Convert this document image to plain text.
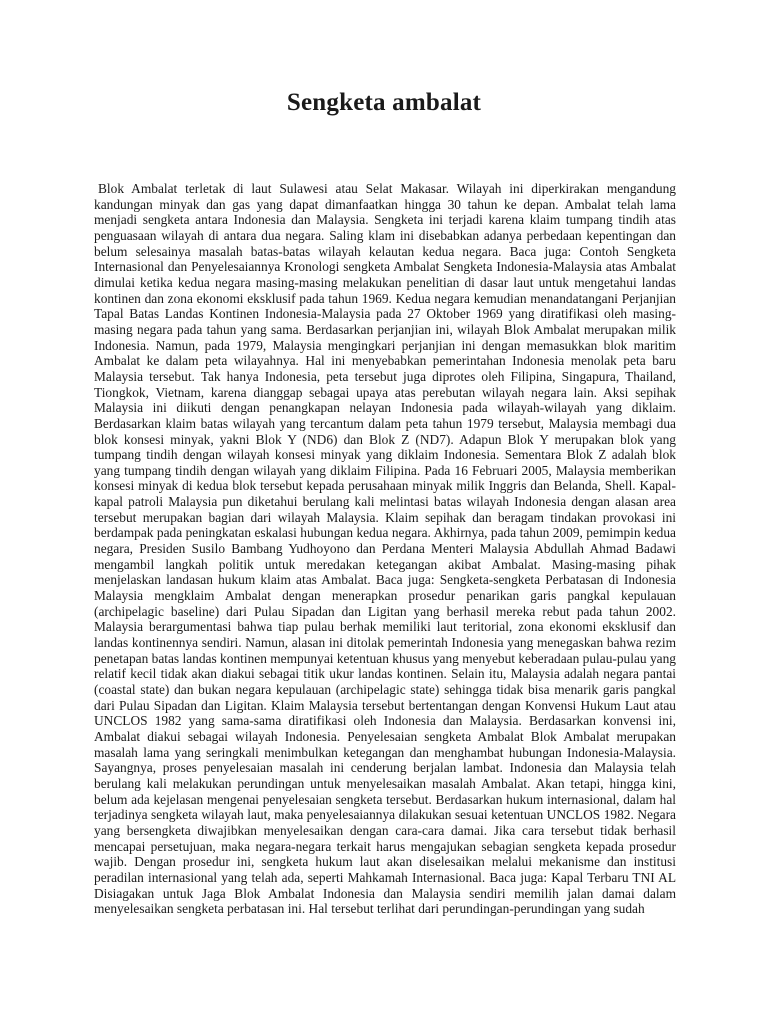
Sengketa ambalat

Blok Ambalat terletak di laut Sulawesi atau Selat Makasar. Wilayah ini diperkirakan mengandung kandungan minyak dan gas yang dapat dimanfaatkan hingga 30 tahun ke depan. Ambalat telah lama menjadi sengketa antara Indonesia dan Malaysia. Sengketa ini terjadi karena klaim tumpang tindih atas penguasaan wilayah di antara dua negara. Saling klam ini disebabkan adanya perbedaan kepentingan dan belum selesainya masalah batas-batas wilayah kelautan kedua negara. Baca juga: Contoh Sengketa Internasional dan Penyelesaiannya Kronologi sengketa Ambalat Sengketa Indonesia-Malaysia atas Ambalat dimulai ketika kedua negara masing-masing melakukan penelitian di dasar laut untuk mengetahui landas kontinen dan zona ekonomi eksklusif pada tahun 1969. Kedua negara kemudian menandatangani Perjanjian Tapal Batas Landas Kontinen Indonesia-Malaysia pada 27 Oktober 1969 yang diratifikasi oleh masing-masing negara pada tahun yang sama. Berdasarkan perjanjian ini, wilayah Blok Ambalat merupakan milik Indonesia. Namun, pada 1979, Malaysia mengingkari perjanjian ini dengan memasukkan blok maritim Ambalat ke dalam peta wilayahnya. Hal ini menyebabkan pemerintahan Indonesia menolak peta baru Malaysia tersebut. Tak hanya Indonesia, peta tersebut juga diprotes oleh Filipina, Singapura, Thailand, Tiongkok, Vietnam, karena dianggap sebagai upaya atas perebutan wilayah negara lain. Aksi sepihak Malaysia ini diikuti dengan penangkapan nelayan Indonesia pada wilayah-wilayah yang diklaim. Berdasarkan klaim batas wilayah yang tercantum dalam peta tahun 1979 tersebut, Malaysia membagi dua blok konsesi minyak, yakni Blok Y (ND6) dan Blok Z (ND7). Adapun Blok Y merupakan blok yang tumpang tindih dengan wilayah konsesi minyak yang diklaim Indonesia. Sementara Blok Z adalah blok yang tumpang tindih dengan wilayah yang diklaim Filipina. Pada 16 Februari 2005, Malaysia memberikan konsesi minyak di kedua blok tersebut kepada perusahaan minyak milik Inggris dan Belanda, Shell. Kapal-kapal patroli Malaysia pun diketahui berulang kali melintasi batas wilayah Indonesia dengan alasan area tersebut merupakan bagian dari wilayah Malaysia. Klaim sepihak dan beragam tindakan provokasi ini berdampak pada peningkatan eskalasi hubungan kedua negara. Akhirnya, pada tahun 2009, pemimpin kedua negara, Presiden Susilo Bambang Yudhoyono dan Perdana Menteri Malaysia Abdullah Ahmad Badawi mengambil langkah politik untuk meredakan ketegangan akibat Ambalat. Masing-masing pihak menjelaskan landasan hukum klaim atas Ambalat. Baca juga: Sengketa-sengketa Perbatasan di Indonesia Malaysia mengklaim Ambalat dengan menerapkan prosedur penarikan garis pangkal kepulauan (archipelagic baseline) dari Pulau Sipadan dan Ligitan yang berhasil mereka rebut pada tahun 2002. Malaysia berargumentasi bahwa tiap pulau berhak memiliki laut teritorial, zona ekonomi eksklusif dan landas kontinennya sendiri. Namun, alasan ini ditolak pemerintah Indonesia yang menegaskan bahwa rezim penetapan batas landas kontinen mempunyai ketentuan khusus yang menyebut keberadaan pulau-pulau yang relatif kecil tidak akan diakui sebagai titik ukur landas kontinen. Selain itu, Malaysia adalah negara pantai (coastal state) dan bukan negara kepulauan (archipelagic state) sehingga tidak bisa menarik garis pangkal dari Pulau Sipadan dan Ligitan. Klaim Malaysia tersebut bertentangan dengan Konvensi Hukum Laut atau UNCLOS 1982 yang sama-sama diratifikasi oleh Indonesia dan Malaysia. Berdasarkan konvensi ini, Ambalat diakui sebagai wilayah Indonesia. Penyelesaian sengketa Ambalat Blok Ambalat merupakan masalah lama yang seringkali menimbulkan ketegangan dan menghambat hubungan Indonesia-Malaysia. Sayangnya, proses penyelesaian masalah ini cenderung berjalan lambat. Indonesia dan Malaysia telah berulang kali melakukan perundingan untuk menyelesaikan masalah Ambalat. Akan tetapi, hingga kini, belum ada kejelasan mengenai penyelesaian sengketa tersebut. Berdasarkan hukum internasional, dalam hal terjadinya sengketa wilayah laut, maka penyelesaiannya dilakukan sesuai ketentuan UNCLOS 1982. Negara yang bersengketa diwajibkan menyelesaikan dengan cara-cara damai. Jika cara tersebut tidak berhasil mencapai persetujuan, maka negara-negara terkait harus mengajukan sebagian sengketa kepada prosedur wajib. Dengan prosedur ini, sengketa hukum laut akan diselesaikan melalui mekanisme dan institusi peradilan internasional yang telah ada, seperti Mahkamah Internasional. Baca juga: Kapal Terbaru TNI AL Disiagakan untuk Jaga Blok Ambalat Indonesia dan Malaysia sendiri memilih jalan damai dalam menyelesaikan sengketa perbatasan ini. Hal tersebut terlihat dari perundingan-perundingan yang sudah
